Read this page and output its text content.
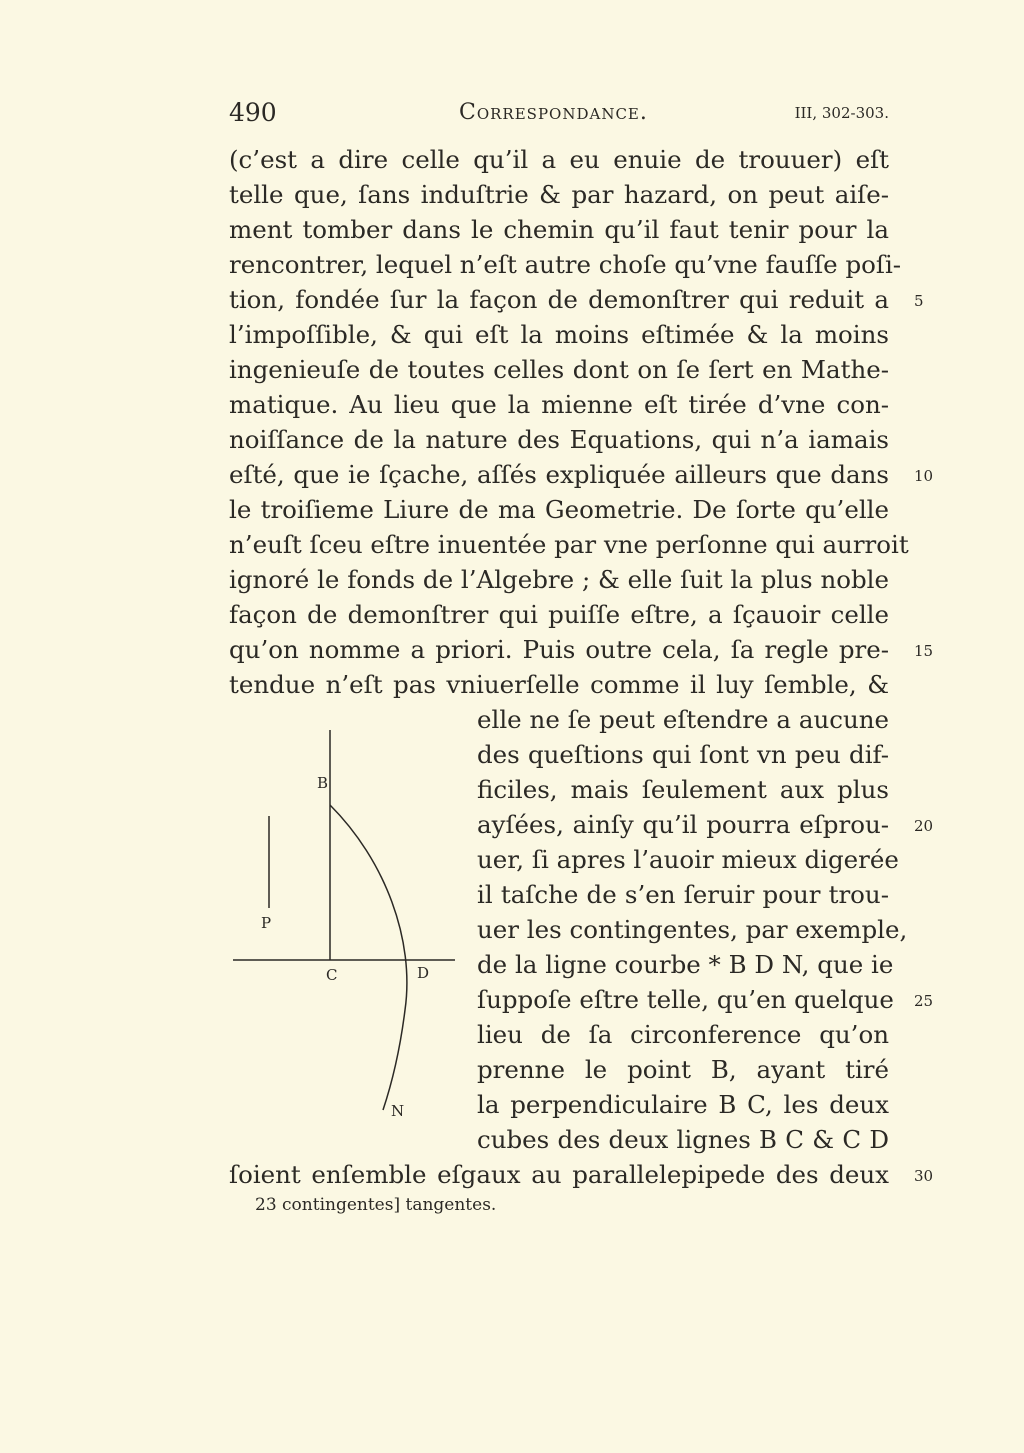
490	Correspondance.	III, 302-303.
(c’est a dire celle qu’il a eu enuie de trouuer) eſt
telle que, ſans induſtrie & par hazard, on peut aiſe-
ment tomber dans le chemin qu’il faut tenir pour la
rencontrer, lequel n’eſt autre choſe qu’vne fauſſe poſi-
tion, fondée ſur la façon de demonſtrer qui reduit a
l’impoſſible, & qui eſt la moins eſtimée & la moins
ingenieuſe de toutes celles dont on ſe ſert en Mathe-
matique. Au lieu que la mienne eſt tirée d’vne con-
noiſſance de la nature des Equations, qui n’a iamais
eſté, que ie ſçache, aſſés expliquée ailleurs que dans
le troiſieme Liure de ma Geometrie. De ſorte qu’elle
n’euſt ſceu eſtre inuentée par vne perſonne qui aurroit
ignoré le fonds de l’Algebre ; & elle ſuit la plus noble
façon de demonſtrer qui puiſſe eſtre, a ſçauoir celle
qu’on nomme a priori. Puis outre cela, ſa regle pre-
tendue n’eſt pas vniuerſelle comme il luy ſemble, &
elle ne ſe peut eſtendre a aucune
des queſtions qui ſont vn peu dif-
ficiles, mais ſeulement aux plus
ayſées, ainſy qu’il pourra eſprou-
uer, ſi apres l’auoir mieux digerée
il taſche de s’en ſeruir pour trou-
uer les contingentes, par exemple,
de la ligne courbe * B D N, que ie
ſuppoſe eſtre telle, qu’en quelque
lieu de ſa circonference qu’on
prenne le point B, ayant tiré
la perpendiculaire B C, les deux
cubes des deux lignes B C & C D
ſoient enſemble eſgaux au parallelepipede des deux
5
10
15
20
25
30
B
P
C	D
N
23 contingentes] tangentes.
